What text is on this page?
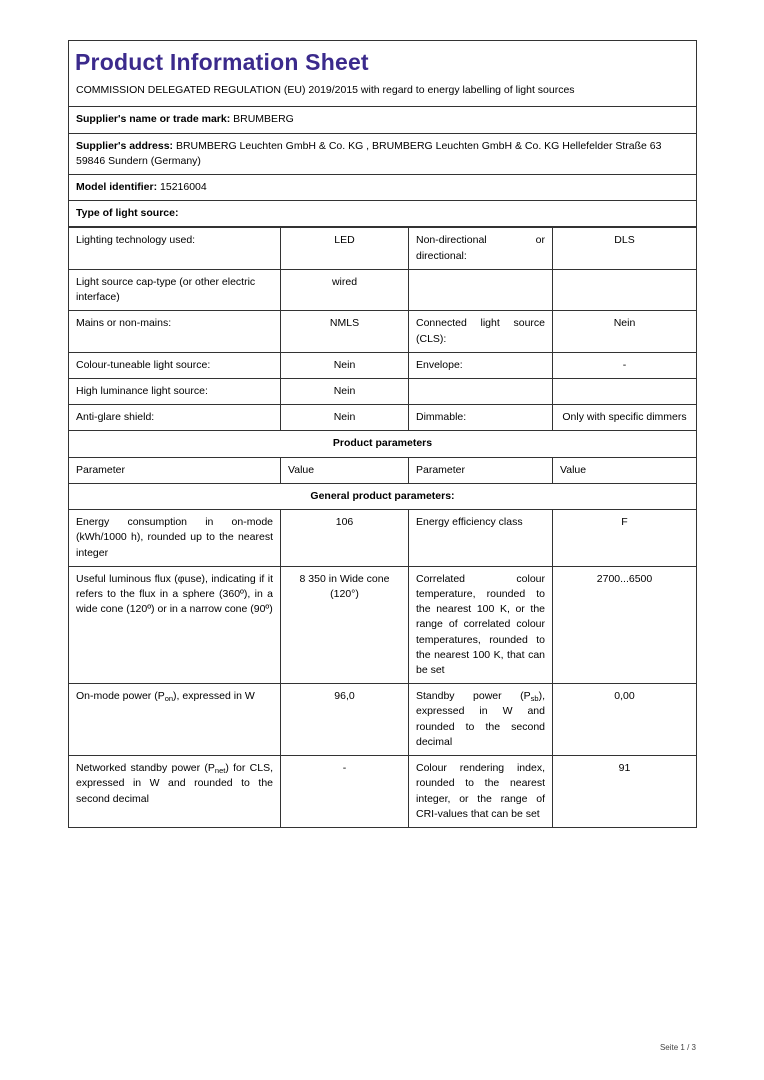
Product Information Sheet
COMMISSION DELEGATED REGULATION (EU) 2019/2015 with regard to energy labelling of light sources
Supplier's name or trade mark: BRUMBERG
Supplier's address: BRUMBERG Leuchten GmbH & Co. KG , BRUMBERG Leuchten GmbH & Co. KG Hellefelder Straße 63 59846 Sundern (Germany)
Model identifier: 15216004
Type of light source:
Lighting technology used:	LED	Non-directional or directional:	DLS
Light source cap-type (or other electric interface)	wired		
Mains or non-mains:	NMLS	Connected light source (CLS):	Nein
Colour-tuneable light source:	Nein	Envelope:	-
High luminance light source:	Nein		
Anti-glare shield:	Nein	Dimmable:	Only with specific dimmers
Product parameters			
Parameter	Value	Parameter	Value
General product parameters:			
Energy consumption in on-mode (kWh/1000 h), rounded up to the nearest integer	106	Energy efficiency class	F
Useful luminous flux (φuse), indicating if it refers to the flux in a sphere (360º), in a wide cone (120º) or in a narrow cone (90º)	8 350 in Wide cone (120°)	Correlated colour temperature, rounded to the nearest 100 K, or the range of correlated colour temperatures, rounded to the nearest 100 K, that can be set	2700...6500
On-mode power $(P_{on})$, expressed in W	96,0	Standby power $(P_{sb})$, expressed in W and rounded to the second decimal	0,00
Networked standby power $(P_{net})$ for CLS, expressed in W and rounded to the second decimal	-	Colour rendering index, rounded to the nearest integer, or the range of CRI-values that can be set	91
Seite 1 / 3
